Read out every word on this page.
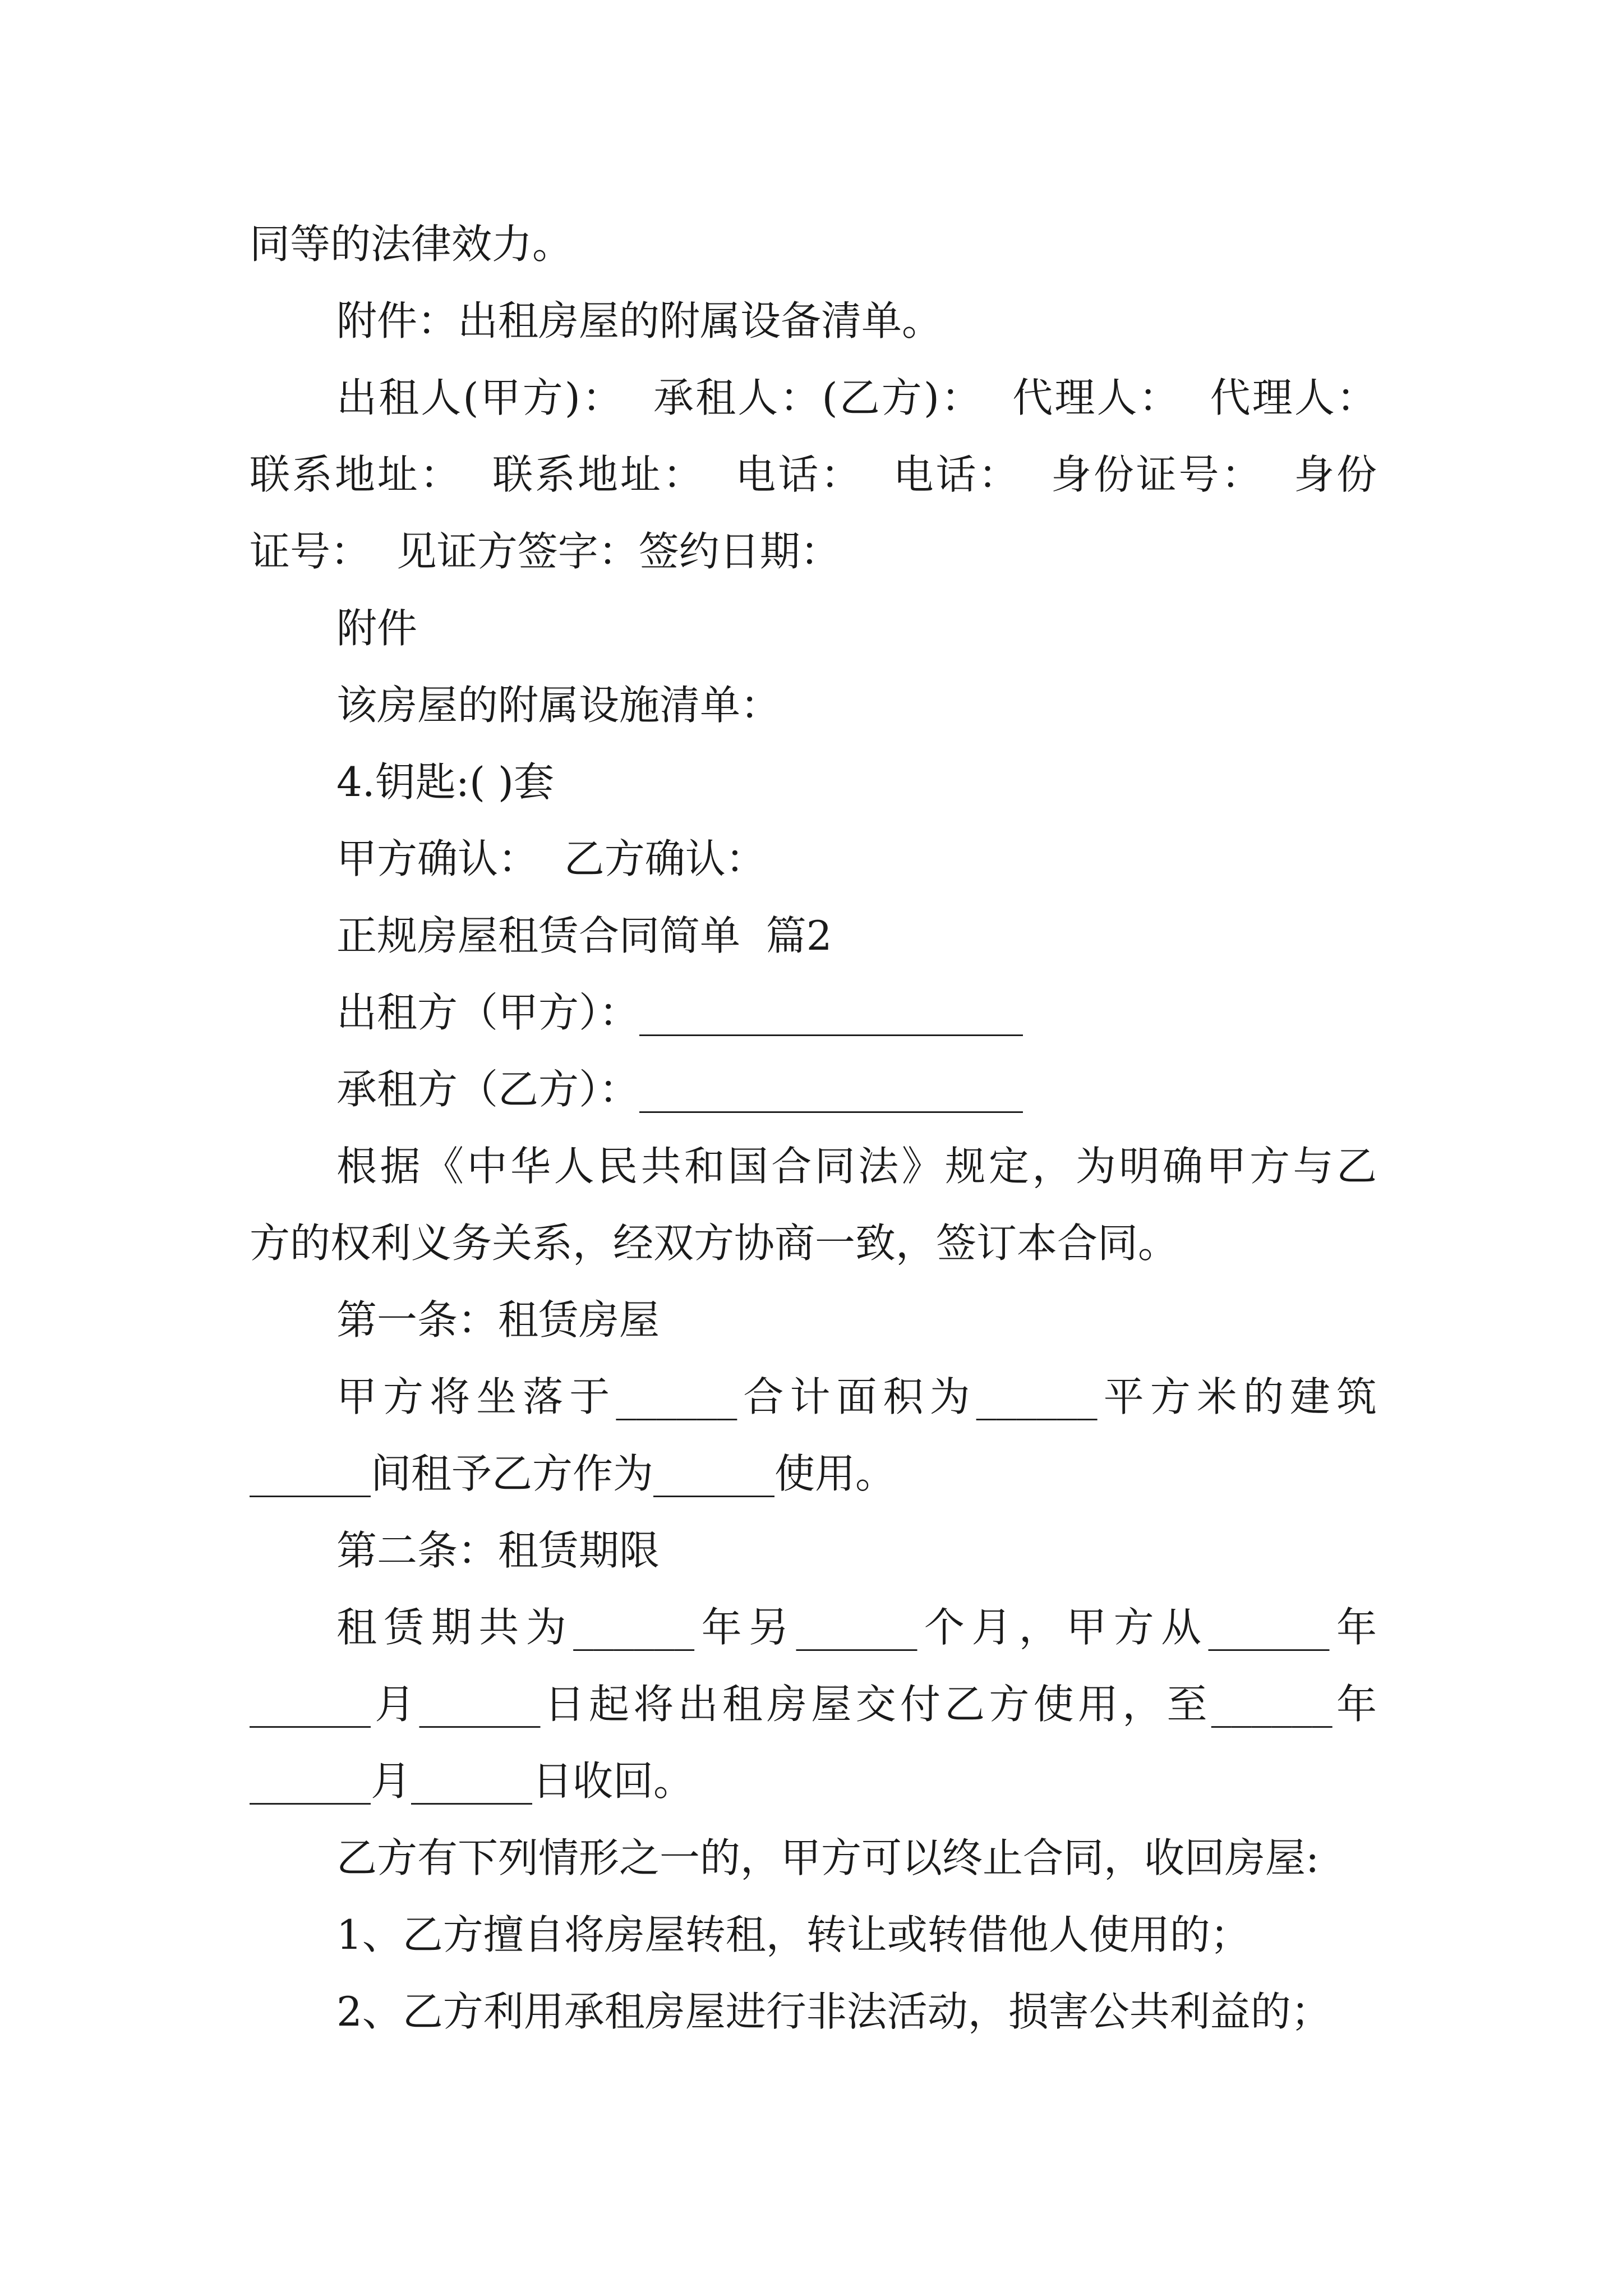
同等的法律效力。
附件：出租房屋的附属设备清单。
出租人(甲方)：  承租人：(乙方)：  代理人：  代理人：
联系地址：  联系地址：  电话：  电话：  身份证号：  身份
证号：  见证方签字：签约日期：
附件
该房屋的附属设施清单：
4.钥匙:( )套
甲方确认：  乙方确认：
正规房屋租赁合同简单  篇2
出租方（甲方）：___________________
承租方（乙方）：___________________
根据《中华人民共和国合同法》规定，为明确甲方与乙
方的权利义务关系，经双方协商一致，签订本合同。
第一条：租赁房屋
甲方将坐落于______合计面积为______平方米的建筑
______间租予乙方作为______使用。
第二条：租赁期限
租赁期共为______年另______个月，甲方从______年
______月______日起将出租房屋交付乙方使用，至______年
______月______日收回。
乙方有下列情形之一的，甲方可以终止合同，收回房屋:
1、乙方擅自将房屋转租，转让或转借他人使用的；
2、乙方利用承租房屋进行非法活动，损害公共利益的；
